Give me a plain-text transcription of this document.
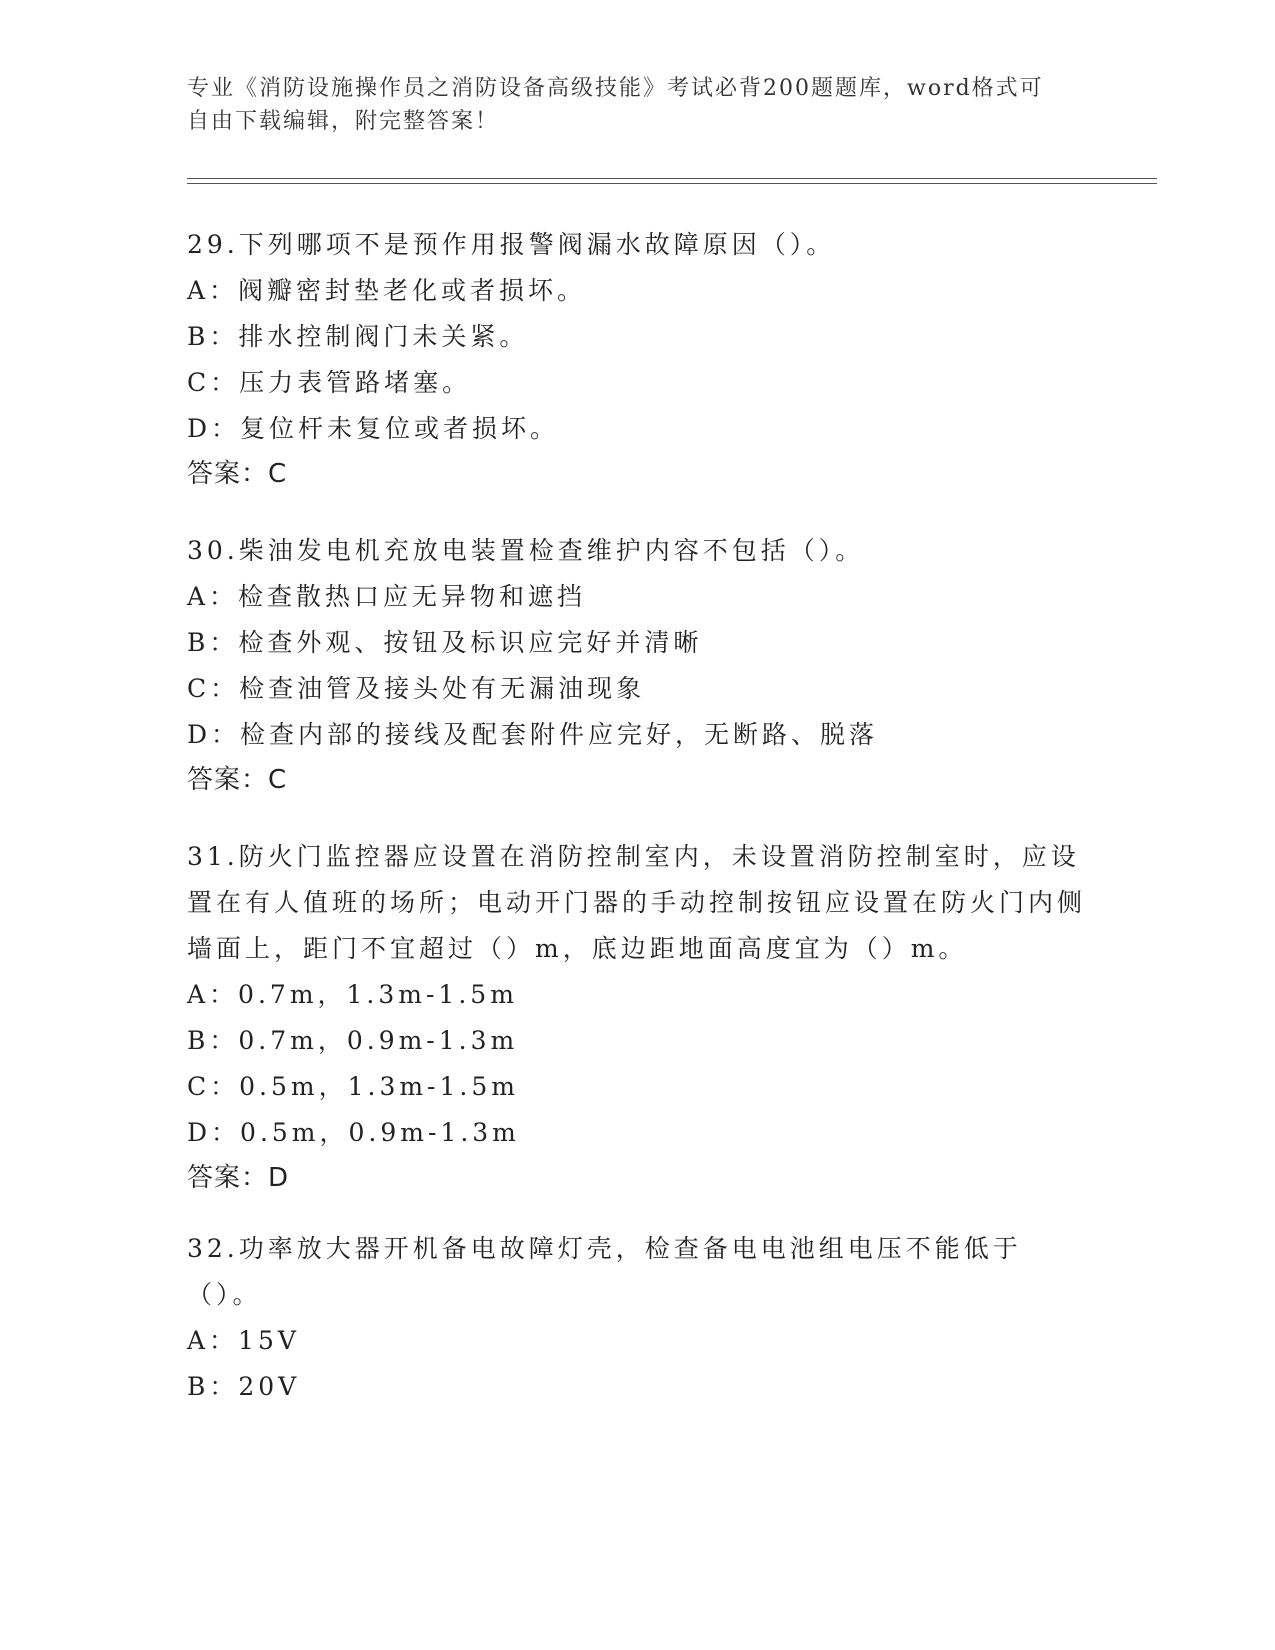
专业《消防设施操作员之消防设备高级技能》考试必背200题题库，word格式可自由下载编辑，附完整答案！
29.下列哪项不是预作用报警阀漏水故障原因（）。
A：阀瓣密封垫老化或者损坏。
B：排水控制阀门未关紧。
C：压力表管路堵塞。
D：复位杆未复位或者损坏。
答案：C
30.柴油发电机充放电装置检查维护内容不包括（）。
A：检查散热口应无异物和遮挡
B：检查外观、按钮及标识应完好并清晰
C：检查油管及接头处有无漏油现象
D：检查内部的接线及配套附件应完好，无断路、脱落
答案：C
31.防火门监控器应设置在消防控制室内，未设置消防控制室时，应设置在有人值班的场所；电动开门器的手动控制按钮应设置在防火门内侧墙面上，距门不宜超过（）m，底边距地面高度宜为（）m。
A：0.7m，1.3m-1.5m
B：0.7m，0.9m-1.3m
C：0.5m，1.3m-1.5m
D：0.5m，0.9m-1.3m
答案：D
32.功率放大器开机备电故障灯壳，检查备电电池组电压不能低于（）。
A：15V
B：20V
